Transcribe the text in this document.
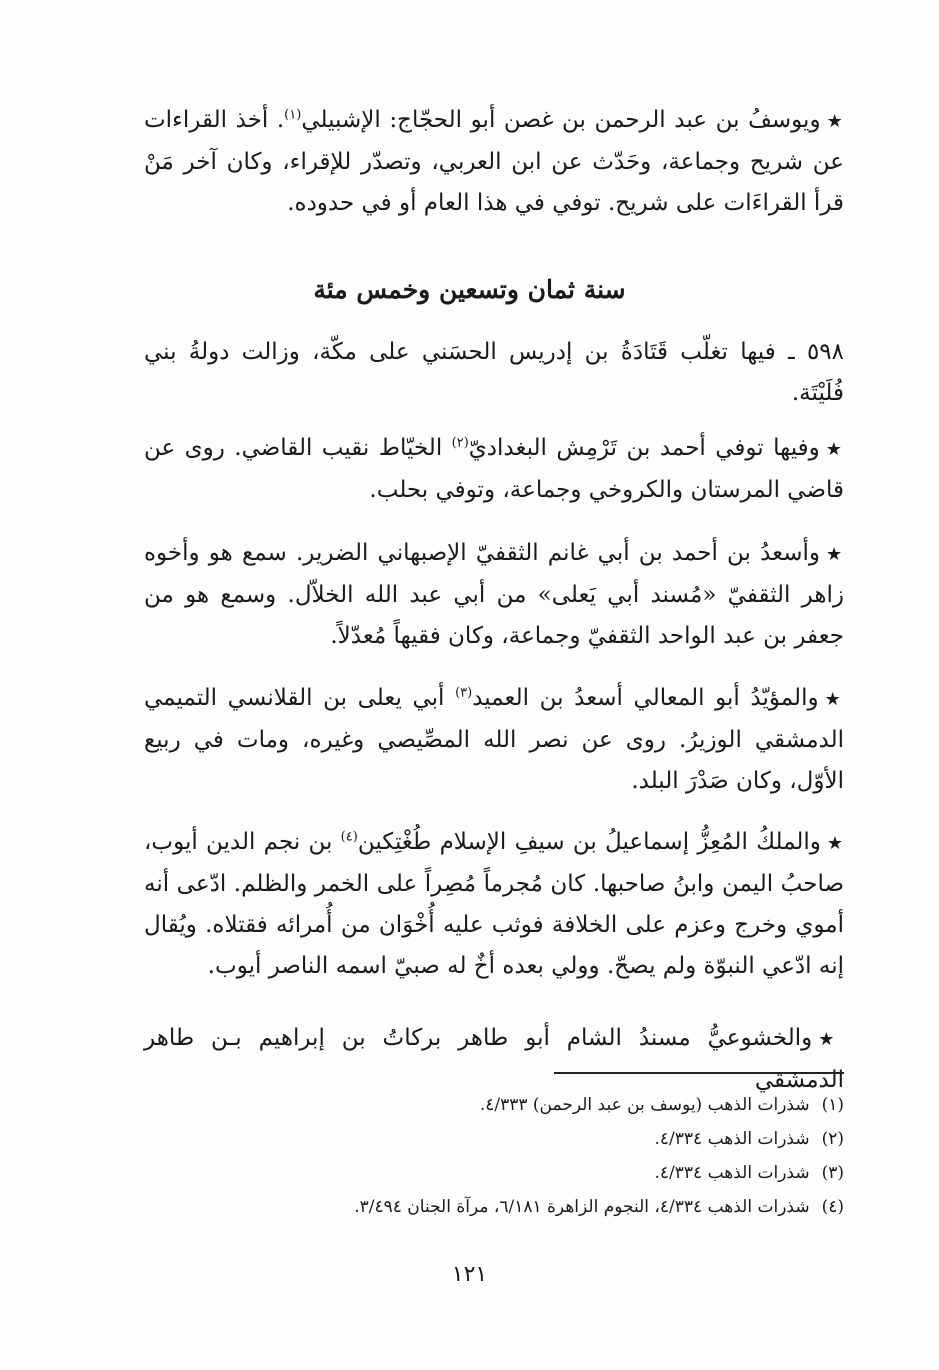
★ويوسفُ بن عبد الرحمن بن غصن أبو الحجّاج: الإشبيلي$^{(١)}$. أخذ القراءات عن شريح وجماعة، وحَدّث عن ابن العربي، وتصدّر للإقراء، وكان آخر مَنْ قرأ القراءَات على شريح. توفي في هذا العام أو في حدوده.

سنة ثمان وتسعين وخمس مئة

٥٩٨ ـ فيها تغلّب قَتَادَةُ بن إدريس الحسَني على مكّة، وزالت دولةُ بني فُلَيْتَة.

★وفيها توفي أحمد بن تَرْمِش البغداديّ$^{(٢)}$ الخيّاط نقيب القاضي. روى عن قاضي المرستان والكروخي وجماعة، وتوفي بحلب.

★وأسعدُ بن أحمد بن أبي غانم الثقفيّ الإصبهاني الضرير. سمع هو وأخوه زاهر الثقفيّ «مُسند أبي يَعلى» من أبي عبد الله الخلاّل. وسمع هو من جعفر بن عبد الواحد الثقفيّ وجماعة، وكان فقيهاً مُعدّلاً.

★والمؤيّدُ أبو المعالي أسعدُ بن العميد$^{(٣)}$ أبي يعلى بن القلانسي التميمي الدمشقي الوزيرُ. روى عن نصر الله المصِّيصي وغيره، ومات في ربيع الأوّل، وكان صَدْرَ البلد.

★والملكُ المُعِزُّ إسماعيلُ بن سيفِ الإسلام طُغْتِكين$^{(٤)}$ بن نجم الدين أيوب، صاحبُ اليمن وابنُ صاحبها. كان مُجرماً مُصِراً على الخمر والظلم. ادّعى أنه أموي وخرج وعزم على الخلافة فوثب عليه أُخْوَان من أُمرائه فقتلاه. ويُقال إنه ادّعي النبوّة ولم يصحّ. وولي بعده أخٌ له صبيّ اسمه الناصر أيوب.

★والخشوعيُّ مسندُ الشام أبو طاهر بركاتُ بن إبراهيم بـن طاهر الدمشقي

(١)شذرات الذهب (يوسف بن عبد الرحمن) ٤/٣٣٣.

(٢)شذرات الذهب ٤/٣٣٤.

(٣)شذرات الذهب ٤/٣٣٤.

(٤)شذرات الذهب ٤/٣٣٤، النجوم الزاهرة ٦/١٨١، مرآة الجنان ٣/٤٩٤.

١٢١
